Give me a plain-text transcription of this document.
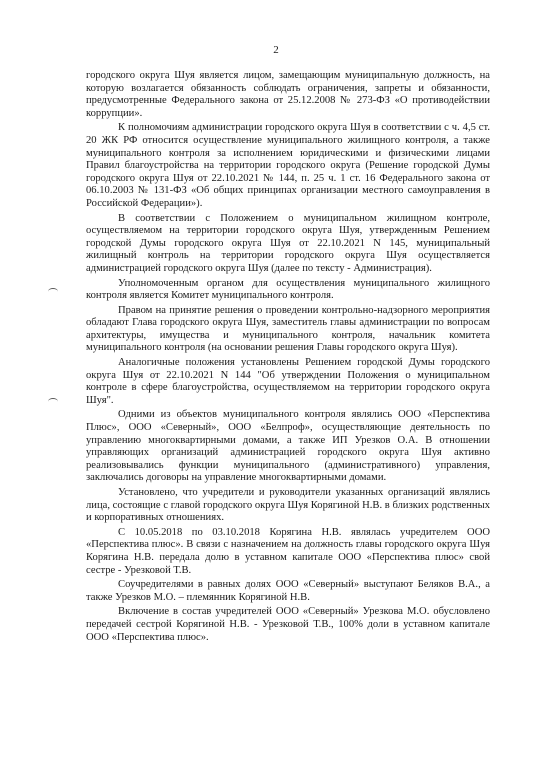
2

городского округа Шуя является лицом, замещающим муниципальную должность, на которую возлагается обязанность соблюдать ограничения, запреты и обязанности, предусмотренные Федерального закона от 25.12.2008 № 273-ФЗ «О противодействии коррупции».

К полномочиям администрации городского округа Шуя в соответствии с ч. 4,5 ст. 20 ЖК РФ относится осуществление муниципального жилищного контроля, а также муниципального контроля за исполнением юридическими и физическими лицами Правил благоустройства на территории городского округа (Решение городской Думы городского округа Шуя от 22.10.2021 № 144, п. 25 ч. 1 ст. 16 Федерального закона от 06.10.2003 № 131-ФЗ «Об общих принципах организации местного самоуправления в Российской Федерации»).

В соответствии с Положением о муниципальном жилищном контроле, осуществляемом на территории городского округа Шуя, утвержденным Решением городской Думы городского округа Шуя от 22.10.2021 N 145, муниципальный жилищный контроль на территории городского округа Шуя осуществляется администрацией городского округа Шуя (далее по тексту - Администрация).

Уполномоченным органом для осуществления муниципального жилищного контроля является Комитет муниципального контроля.

Правом на принятие решения о проведении контрольно-надзорного мероприятия обладают Глава городского округа Шуя, заместитель главы администрации по вопросам архитектуры, имущества и муниципального контроля, начальник комитета муниципального контроля (на основании решения Главы городского округа Шуя).

Аналогичные положения установлены Решением городской Думы городского округа Шуя от 22.10.2021 N 144 "Об утверждении Положения о муниципальном контроле в сфере благоустройства, осуществляемом на территории городского округа Шуя".

Одними из объектов муниципального контроля являлись ООО «Перспектива Плюс», ООО «Северный», ООО «Белпроф», осуществляющие деятельность по управлению многоквартирными домами, а также ИП Урезков О.А. В отношении управляющих организаций администрацией городского округа Шуя активно реализовывались функции муниципального (административного) управления, заключались договоры на управление многоквартирными домами.

Установлено, что учредители и руководители указанных организаций являлись лица, состоящие с главой городского округа Шуя Корягиной Н.В. в близких родственных и корпоративных отношениях.

С 10.05.2018 по 03.10.2018 Корягина Н.В. являлась учредителем ООО «Перспектива плюс». В связи с назначением на должность главы городского округа Шуя Корягина Н.В. передала долю в уставном капитале ООО «Перспектива плюс» свой сестре - Урезковой Т.В.

Соучредителями в равных долях ООО «Северный» выступают Беляков В.А., а также Урезков М.О. – племянник Корягиной Н.В.

Включение в состав учредителей ООО «Северный» Урезкова М.О. обусловлено передачей сестрой Корягиной Н.В. - Урезковой Т.В., 100% доли в уставном капитале ООО «Перспектива плюс».
